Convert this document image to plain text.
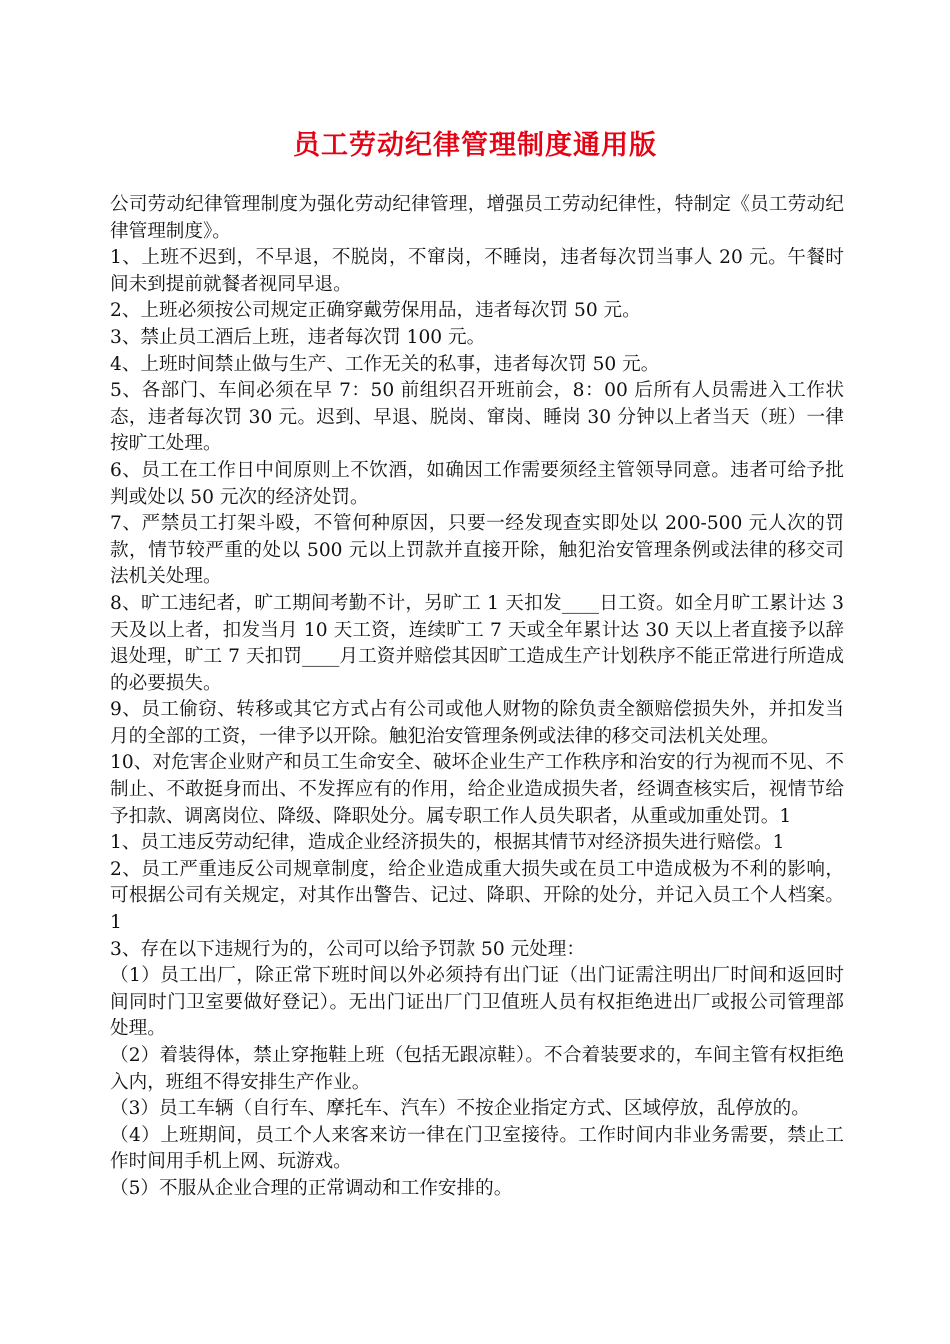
员工劳动纪律管理制度通用版

公司劳动纪律管理制度为强化劳动纪律管理，增强员工劳动纪律性，特制定《员工劳动纪律管理制度》。

1、上班不迟到，不早退，不脱岗，不窜岗，不睡岗，违者每次罚当事人 20 元。午餐时间未到提前就餐者视同早退。

2、上班必须按公司规定正确穿戴劳保用品，违者每次罚 50 元。

3、禁止员工酒后上班，违者每次罚 100 元。

4、上班时间禁止做与生产、工作无关的私事，违者每次罚 50 元。

5、各部门、车间必须在早 7：50 前组织召开班前会，8：00 后所有人员需进入工作状态，违者每次罚 30 元。迟到、早退、脱岗、窜岗、睡岗 30 分钟以上者当天（班）一律按旷工处理。

6、员工在工作日中间原则上不饮酒，如确因工作需要须经主管领导同意。违者可给予批判或处以 50 元次的经济处罚。

7、严禁员工打架斗殴，不管何种原因，只要一经发现查实即处以 200-500 元人次的罚款，情节较严重的处以 500 元以上罚款并直接开除，触犯治安管理条例或法律的移交司法机关处理。

8、旷工违纪者，旷工期间考勤不计，另旷工 1 天扣发____日工资。如全月旷工累计达 3 天及以上者，扣发当月 10 天工资，连续旷工 7 天或全年累计达 30 天以上者直接予以辞退处理，旷工 7 天扣罚____月工资并赔偿其因旷工造成生产计划秩序不能正常进行所造成的必要损失。

9、员工偷窃、转移或其它方式占有公司或他人财物的除负责全额赔偿损失外，并扣发当月的全部的工资，一律予以开除。触犯治安管理条例或法律的移交司法机关处理。

10、对危害企业财产和员工生命安全、破坏企业生产工作秩序和治安的行为视而不见、不制止、不敢挺身而出、不发挥应有的作用，给企业造成损失者，经调查核实后，视情节给予扣款、调离岗位、降级、降职处分。属专职工作人员失职者，从重或加重处罚。1

1、员工违反劳动纪律，造成企业经济损失的，根据其情节对经济损失进行赔偿。1

2、员工严重违反公司规章制度，给企业造成重大损失或在员工中造成极为不利的影响，可根据公司有关规定，对其作出警告、记过、降职、开除的处分，并记入员工个人档案。1

3、存在以下违规行为的，公司可以给予罚款 50 元处理：

（1）员工出厂，除正常下班时间以外必须持有出门证（出门证需注明出厂时间和返回时间同时门卫室要做好登记）。无出门证出厂门卫值班人员有权拒绝进出厂或报公司管理部处理。

（2）着装得体，禁止穿拖鞋上班（包括无跟凉鞋）。不合着装要求的，车间主管有权拒绝入内，班组不得安排生产作业。

（3）员工车辆（自行车、摩托车、汽车）不按企业指定方式、区域停放，乱停放的。

（4）上班期间，员工个人来客来访一律在门卫室接待。工作时间内非业务需要，禁止工作时间用手机上网、玩游戏。

（5）不服从企业合理的正常调动和工作安排的。
